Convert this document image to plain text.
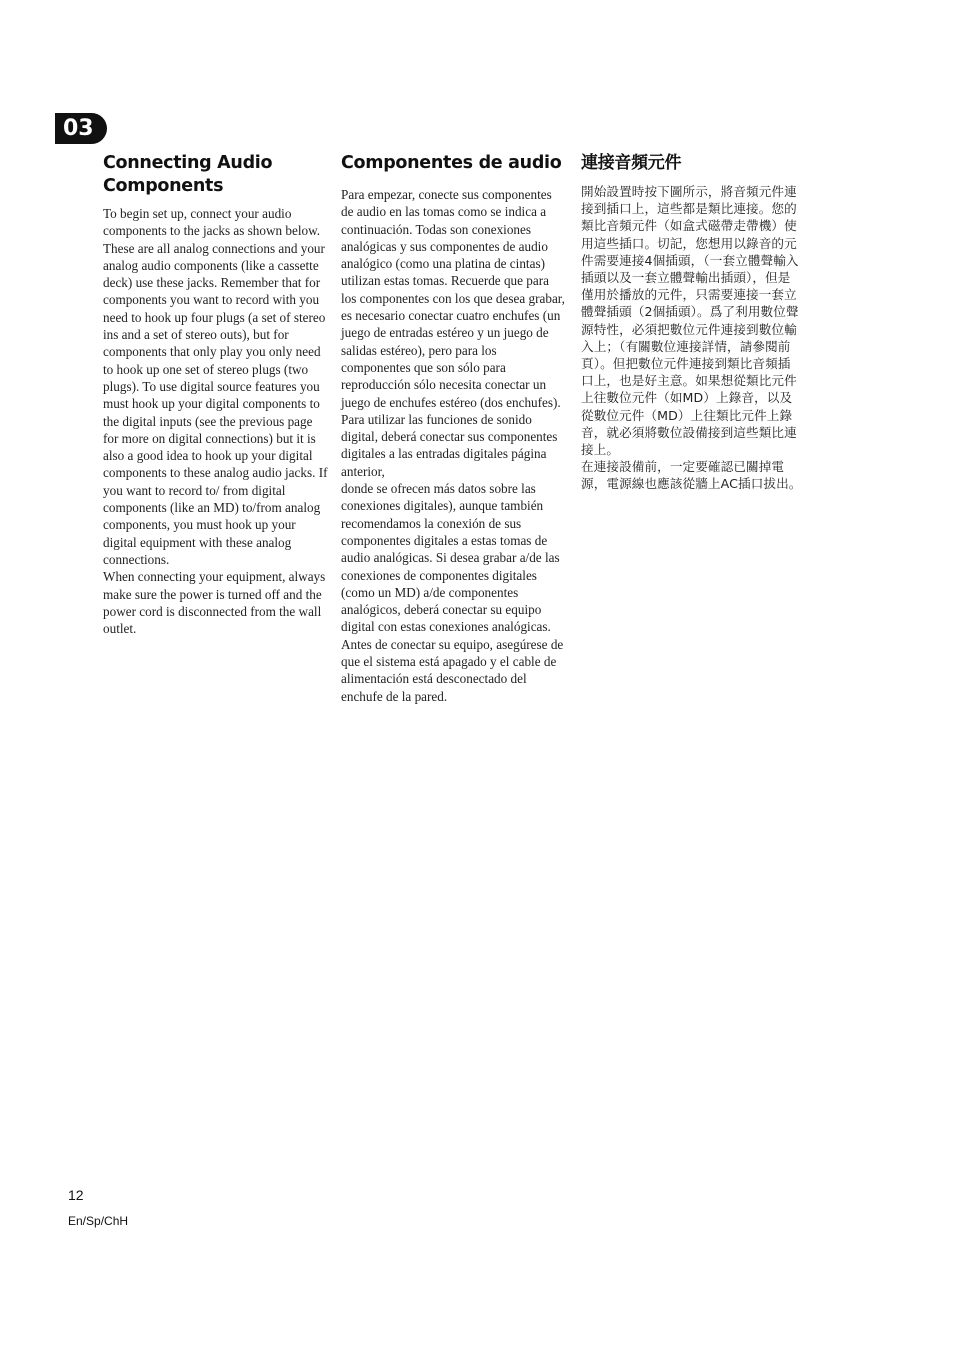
03
Connecting Audio Components

To begin set up, connect your audio components to the jacks as shown below. These are all analog connections and your analog audio components (like a cassette deck) use these jacks. Remember that for components you want to record with you need to hook up four plugs (a set of stereo ins and a set of stereo outs), but for components that only play you only need to hook up one set of stereo plugs (two plugs). To use digital source features you must hook up your digital components to the digital inputs (see the previous page for more on digital connections) but it is also a good idea to hook up your digital components to these analog audio jacks. If you want to record to/ from digital components (like an MD) to/from analog components, you must hook up your digital equipment with these analog connections.

When connecting your equipment, always make sure the power is turned off and the power cord is disconnected from the wall outlet.

Componentes de audio

Para empezar, conecte sus componentes de audio en las tomas como se indica a continuación. Todas son conexiones analógicas y sus componentes de audio analógico (como una platina de cintas) utilizan estas tomas. Recuerde que para los componentes con los que desea grabar, es necesario conectar cuatro enchufes (un juego de entradas estéreo y un juego de salidas estéreo), pero para los componentes que son sólo para reproducción sólo necesita conectar un juego de enchufes estéreo (dos enchufes).

Para utilizar las funciones de sonido digital, deberá conectar sus componentes digitales a las entradas digitales página anterior,

donde se ofrecen más datos sobre las conexiones digitales), aunque también recomendamos la conexión de sus componentes digitales a estas tomas de audio analógicas. Si desea grabar a/de las conexiones de componentes digitales (como un MD) a/de componentes analógicos, deberá conectar su equipo digital con estas conexiones analógicas.

Antes de conectar su equipo, asegúrese de que el sistema está apagado y el cable de alimentación está desconectado del enchufe de la pared.

連接音頻元件

開始設置時按下圖所示，將音頻元件連接到插口上，這些都是類比連接。您的類比音頻元件（如盒式磁帶走帶機）使用這些插口。切記，您想用以錄音的元件需要連接4個插頭，（一套立體聲輸入插頭以及一套立體聲輸出插頭），但是僅用於播放的元件，只需要連接一套立體聲插頭（2個插頭）。爲了利用數位聲源特性，必須把數位元件連接到數位輸入上；（有關數位連接詳情，請參閱前頁）。但把數位元件連接到類比音頻插口上，也是好主意。如果想從類比元件上往數位元件（如MD）上錄音，以及從數位元件（MD）上往類比元件上錄音，就必須將數位設備接到這些類比連接上。

在連接設備前，一定要確認已關掉電源，電源線也應該從牆上AC插口拔出。

12
En/Sp/ChH
